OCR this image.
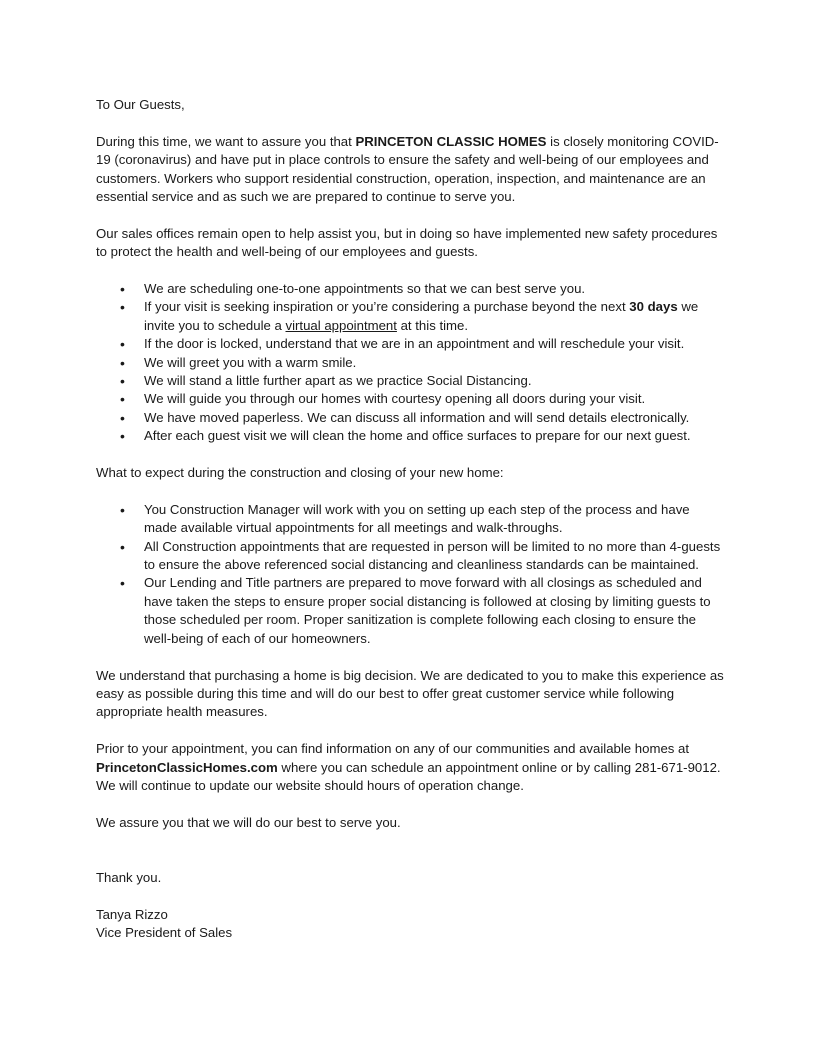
To Our Guests,

During this time, we want to assure you that PRINCETON CLASSIC HOMES is closely monitoring COVID-19 (coronavirus) and have put in place controls to ensure the safety and well-being of our employees and customers. Workers who support residential construction, operation, inspection, and maintenance are an essential service and as such we are prepared to continue to serve you.

Our sales offices remain open to help assist you, but in doing so have implemented new safety procedures to protect the health and well-being of our employees and guests.

• We are scheduling one-to-one appointments so that we can best serve you.
• If your visit is seeking inspiration or you’re considering a purchase beyond the next 30 days we invite you to schedule a virtual appointment at this time.
• If the door is locked, understand that we are in an appointment and will reschedule your visit.
• We will greet you with a warm smile.
• We will stand a little further apart as we practice Social Distancing.
• We will guide you through our homes with courtesy opening all doors during your visit.
• We have moved paperless. We can discuss all information and will send details electronically.
• After each guest visit we will clean the home and office surfaces to prepare for our next guest.

What to expect during the construction and closing of your new home:

• You Construction Manager will work with you on setting up each step of the process and have made available virtual appointments for all meetings and walk-throughs.
• All Construction appointments that are requested in person will be limited to no more than 4-guests to ensure the above referenced social distancing and cleanliness standards can be maintained.
• Our Lending and Title partners are prepared to move forward with all closings as scheduled and have taken the steps to ensure proper social distancing is followed at closing by limiting guests to those scheduled per room. Proper sanitization is complete following each closing to ensure the well-being of each of our homeowners.

We understand that purchasing a home is big decision. We are dedicated to you to make this experience as easy as possible during this time and will do our best to offer great customer service while following appropriate health measures.

Prior to your appointment, you can find information on any of our communities and available homes at PrincetonClassicHomes.com where you can schedule an appointment online or by calling 281-671-9012. We will continue to update our website should hours of operation change.

We assure you that we will do our best to serve you.

Thank you.

Tanya Rizzo
Vice President of Sales
